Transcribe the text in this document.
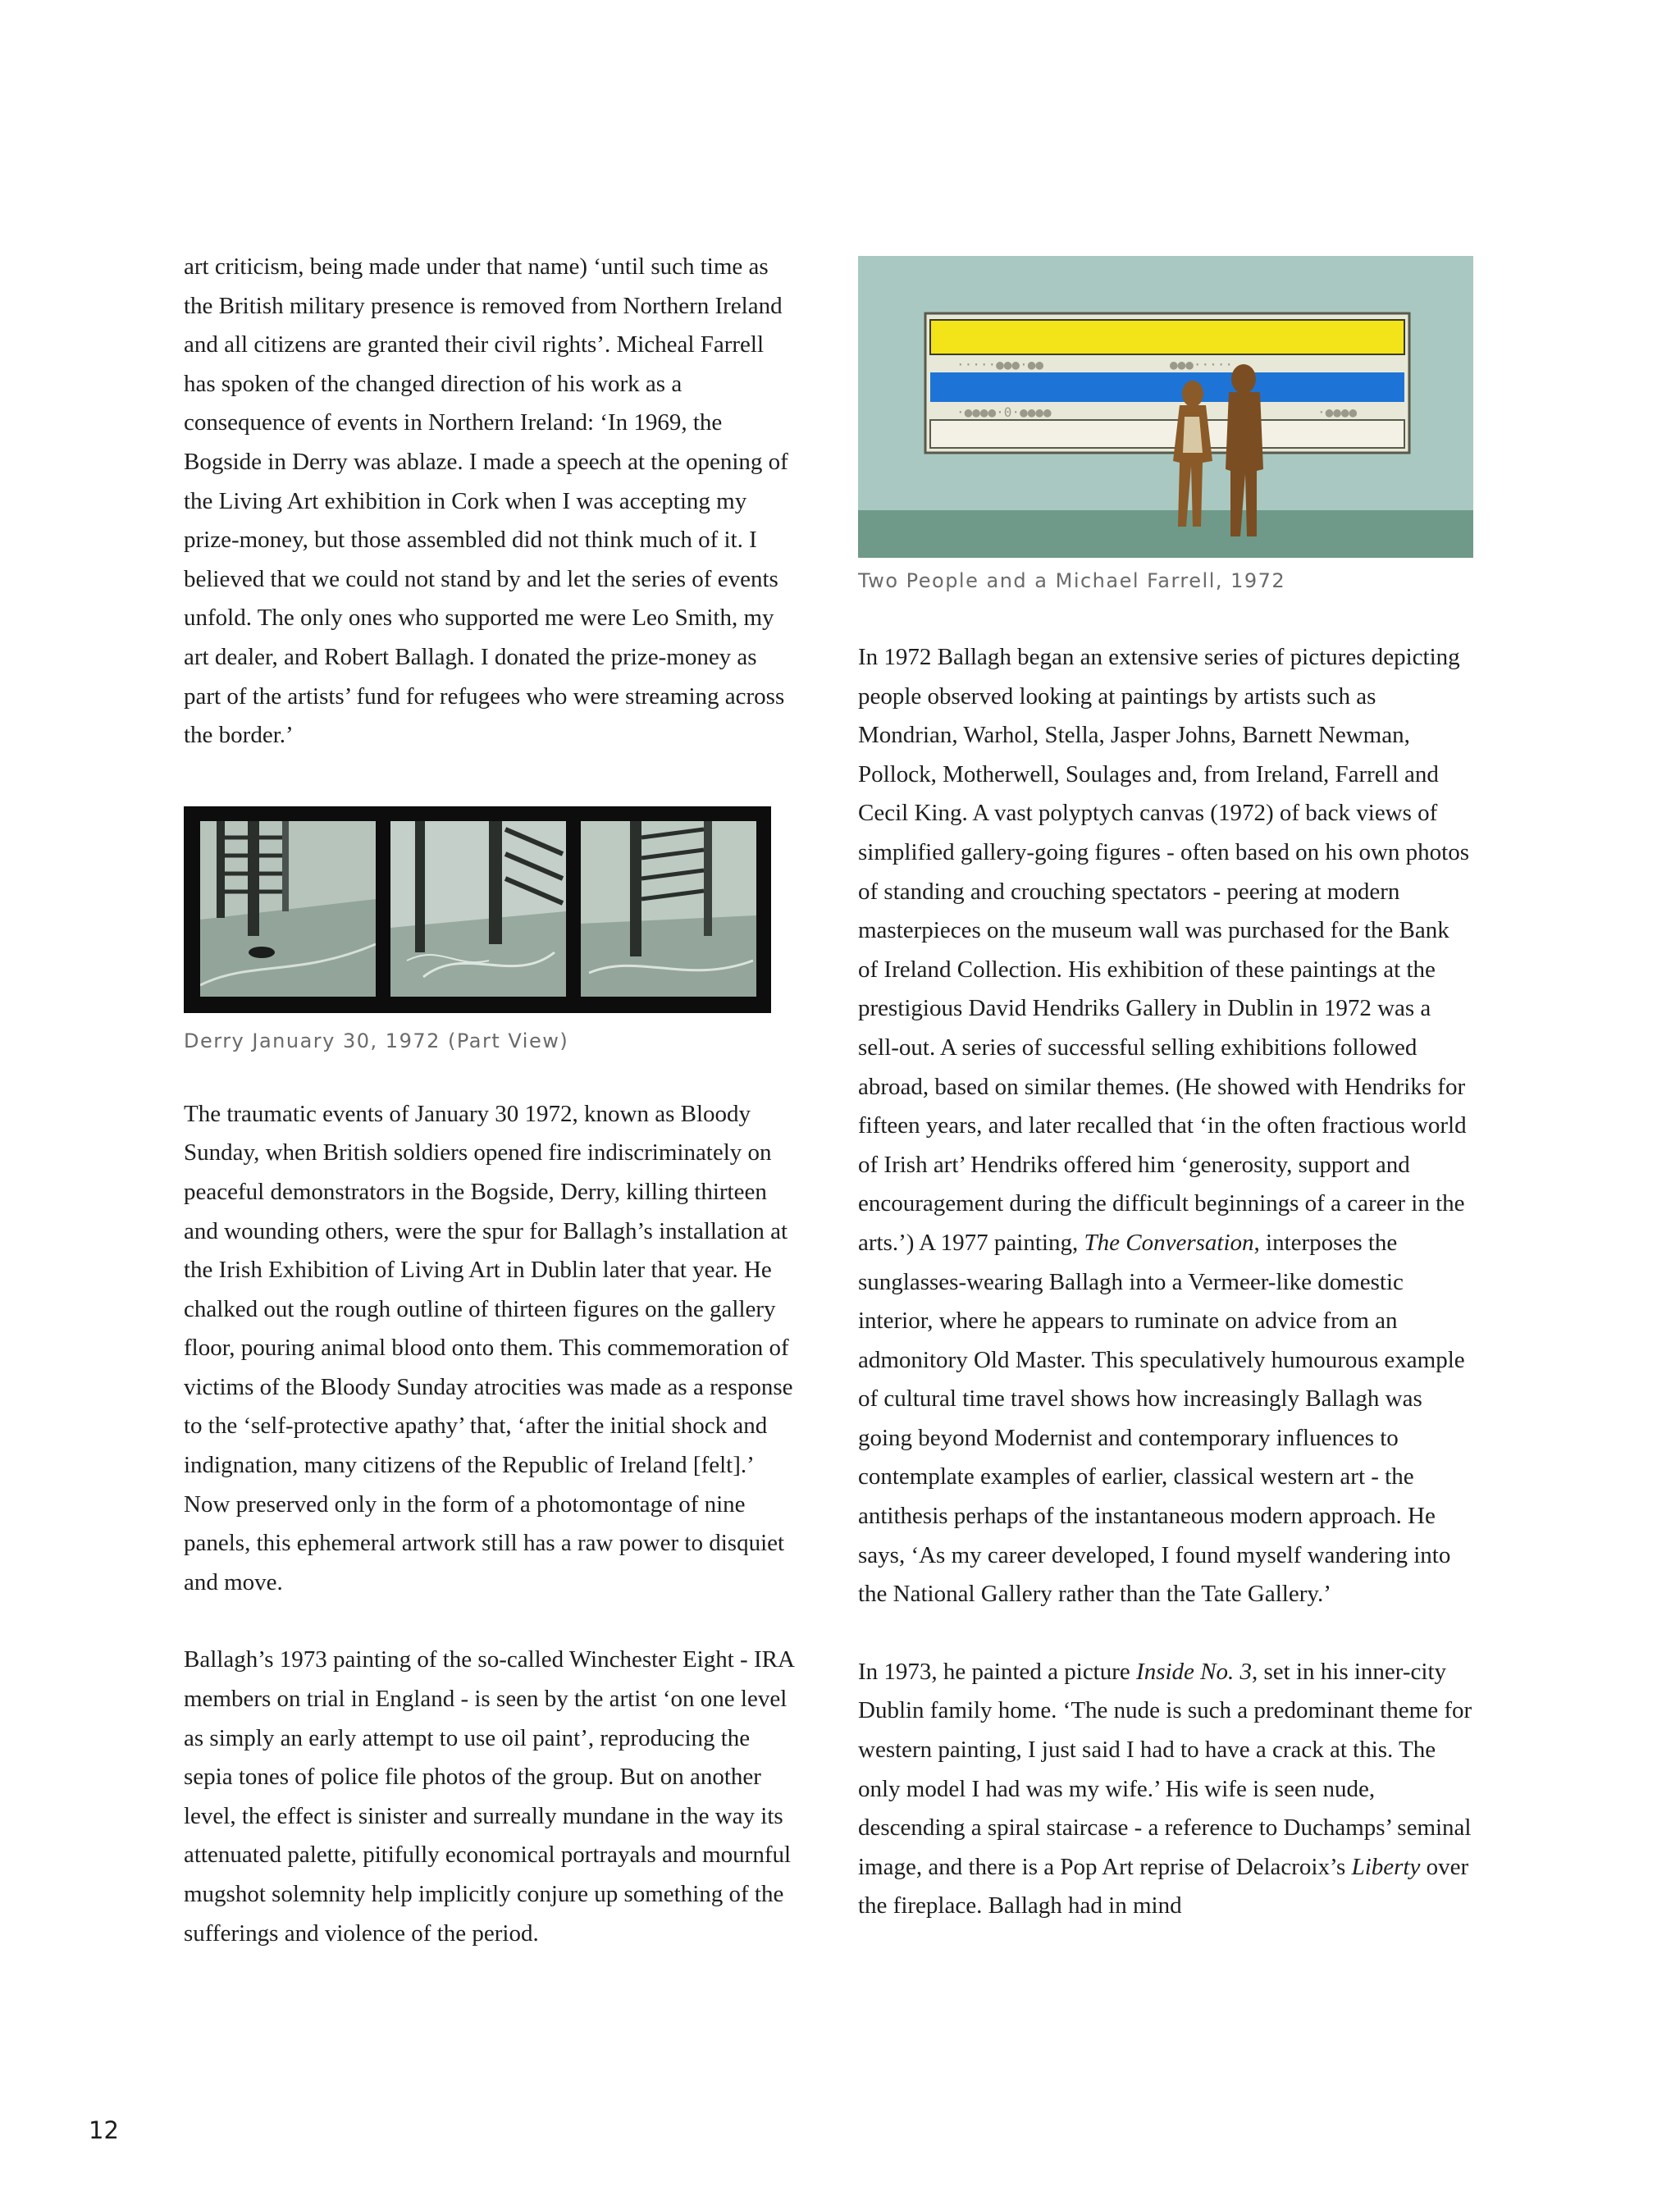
art criticism, being made under that name) ‘until such time as the British military presence is removed from Northern Ireland and all citizens are granted their civil rights’. Micheal Farrell has spoken of the changed direction of his work as a consequence of events in Northern Ireland: ‘In 1969, the Bogside in Derry was ablaze. I made a speech at the opening of the Living Art exhibition in Cork when I was accepting my prize-money, but those assembled did not think much of it. I believed that we could not stand by and let the series of events unfold. The only ones who supported me were Leo Smith, my art dealer, and Robert Ballagh. I donated the prize-money as part of the artists’ fund for refugees who were streaming across the border.’

Derry January 30, 1972 (Part View)

The traumatic events of January 30 1972, known as Bloody Sunday, when British soldiers opened fire indiscriminately on peaceful demonstrators in the Bogside, Derry, killing thirteen and wounding others, were the spur for Ballagh’s installation at the Irish Exhibition of Living Art in Dublin later that year. He chalked out the rough outline of thirteen figures on the gallery floor, pouring animal blood onto them. This commemoration of victims of the Bloody Sunday atrocities was made as a response to the ‘self-protective apathy’ that, ‘after the initial shock and indignation, many citizens of the Republic of Ireland [felt].’ Now preserved only in the form of a photomontage of nine panels, this ephemeral artwork still has a raw power to disquiet and move.

Ballagh’s 1973 painting of the so-called Winchester Eight - IRA members on trial in England - is seen by the artist ‘on one level as simply an early attempt to use oil paint’, reproducing the sepia tones of police file photos of the group. But on another level, the effect is sinister and surreally mundane in the way its attenuated palette, pitifully economical portrayals and mournful mugshot solemnity help implicitly conjure up something of the sufferings and violence of the period.

·····●●●·●●	●●●·····
·●●●●·0·●●●●	·●●●●

Two People and a Michael Farrell, 1972

In 1972 Ballagh began an extensive series of pictures depicting people observed looking at paintings by artists such as Mondrian, Warhol, Stella, Jasper Johns, Barnett Newman, Pollock, Motherwell, Soulages and, from Ireland, Farrell and Cecil King. A vast polyptych canvas (1972) of back views of simplified gallery-going figures - often based on his own photos of standing and crouching spectators - peering at modern masterpieces on the museum wall was purchased for the Bank of Ireland Collection. His exhibition of these paintings at the prestigious David Hendriks Gallery in Dublin in 1972 was a sell-out. A series of successful selling exhibitions followed abroad, based on similar themes. (He showed with Hendriks for fifteen years, and later recalled that ‘in the often fractious world of Irish art’ Hendriks offered him ‘generosity, support and encouragement during the difficult beginnings of a career in the arts.’) A 1977 painting, The Conversation, interposes the sunglasses-wearing Ballagh into a Vermeer-like domestic interior, where he appears to ruminate on advice from an admonitory Old Master. This speculatively humourous example of cultural time travel shows how increasingly Ballagh was going beyond Modernist and contemporary influences to contemplate examples of earlier, classical western art - the antithesis perhaps of the instantaneous modern approach. He says, ‘As my career developed, I found myself wandering into the National Gallery rather than the Tate Gallery.’

In 1973, he painted a picture Inside No. 3, set in his inner-city Dublin family home. ‘The nude is such a predominant theme for western painting, I just said I had to have a crack at this. The only model I had was my wife.’ His wife is seen nude, descending a spiral staircase - a reference to Duchamps’ seminal image, and there is a Pop Art reprise of Delacroix’s Liberty over the fireplace. Ballagh had in mind

12
